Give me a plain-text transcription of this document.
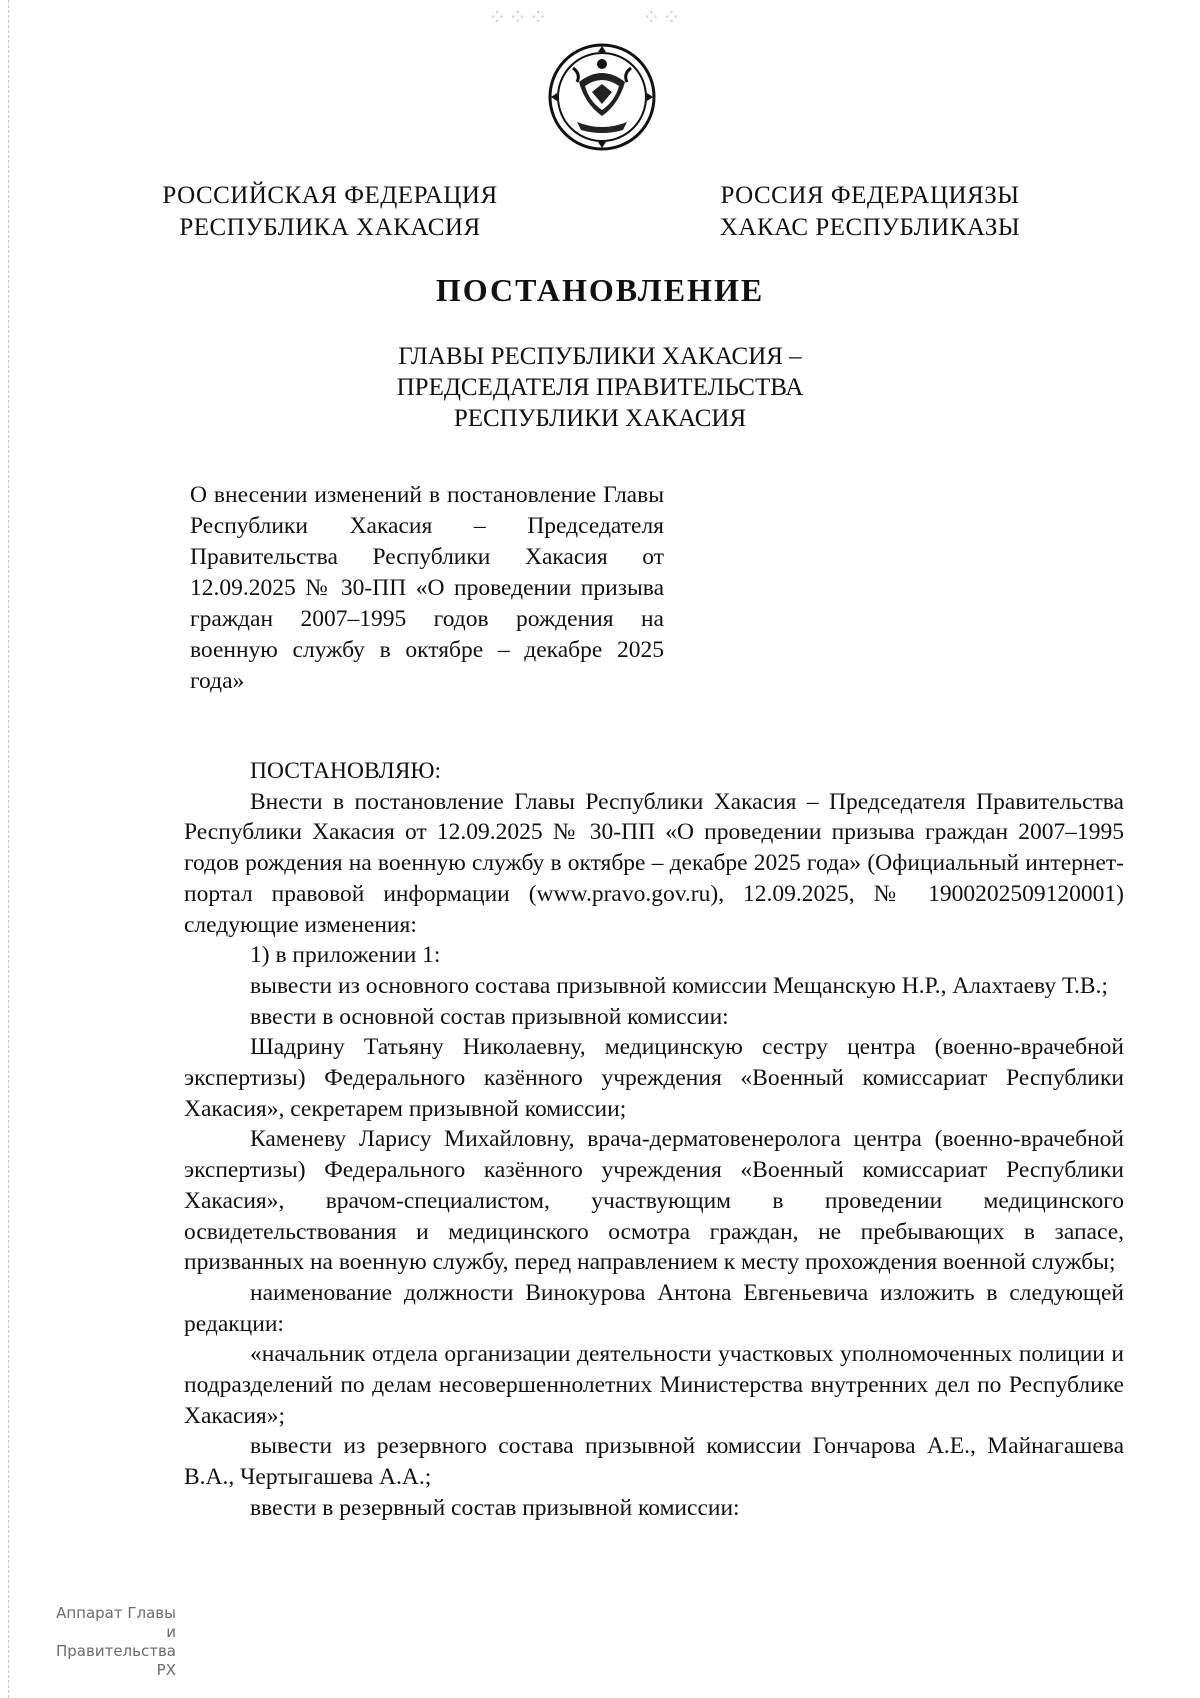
⁘⁘⁘	⁘⁘
РОССИЙСКАЯ ФЕДЕРАЦИЯ
РЕСПУБЛИКА ХАКАСИЯ
РОССИЯ ФЕДЕРАЦИЯЗЫ
ХАКАС РЕСПУБЛИКАЗЫ
ПОСТАНОВЛЕНИЕ
ГЛАВЫ РЕСПУБЛИКИ ХАКАСИЯ –
ПРЕДСЕДАТЕЛЯ ПРАВИТЕЛЬСТВА
РЕСПУБЛИКИ ХАКАСИЯ
О внесении изменений в постановление Главы Республики Хакасия – Председателя Правительства Республики Хакасия от 12.09.2025 № 30-ПП «О проведении призыва граждан 2007–1995 годов рождения на военную службу в октябре – декабре 2025 года»

ПОСТАНОВЛЯЮ:

Внести в постановление Главы Республики Хакасия – Председателя Правительства Республики Хакасия от 12.09.2025 № 30-ПП «О проведении призыва граждан 2007–1995 годов рождения на военную службу в октябре – декабре 2025 года» (Официальный интернет-портал правовой информации (www.pravo.gov.ru), 12.09.2025, № 1900202509120001) следующие изменения:

1) в приложении 1:

вывести из основного состава призывной комиссии Мещанскую Н.Р., Алахтаеву Т.В.;

ввести в основной состав призывной комиссии:

Шадрину Татьяну Николаевну, медицинскую сестру центра (военно-врачебной экспертизы) Федерального казённого учреждения «Военный комиссариат Республики Хакасия», секретарем призывной комиссии;

Каменеву Ларису Михайловну, врача-дерматовенеролога центра (военно-врачебной экспертизы) Федерального казённого учреждения «Военный комиссариат Республики Хакасия», врачом-специалистом, участвующим в проведении медицинского освидетельствования и медицинского осмотра граждан, не пребывающих в запасе, призванных на военную службу, перед направлением к месту прохождения военной службы;

наименование должности Винокурова Антона Евгеньевича изложить в следующей редакции:

«начальник отдела организации деятельности участковых уполномоченных полиции и подразделений по делам несовершеннолетних Министерства внутренних дел по Республике Хакасия»;

вывести из резервного состава призывной комиссии Гончарова А.Е., Майнагашева В.А., Чертыгашева А.А.;

ввести в резервный состав призывной комиссии:

Аппарат Главы
и Правительства РХ
